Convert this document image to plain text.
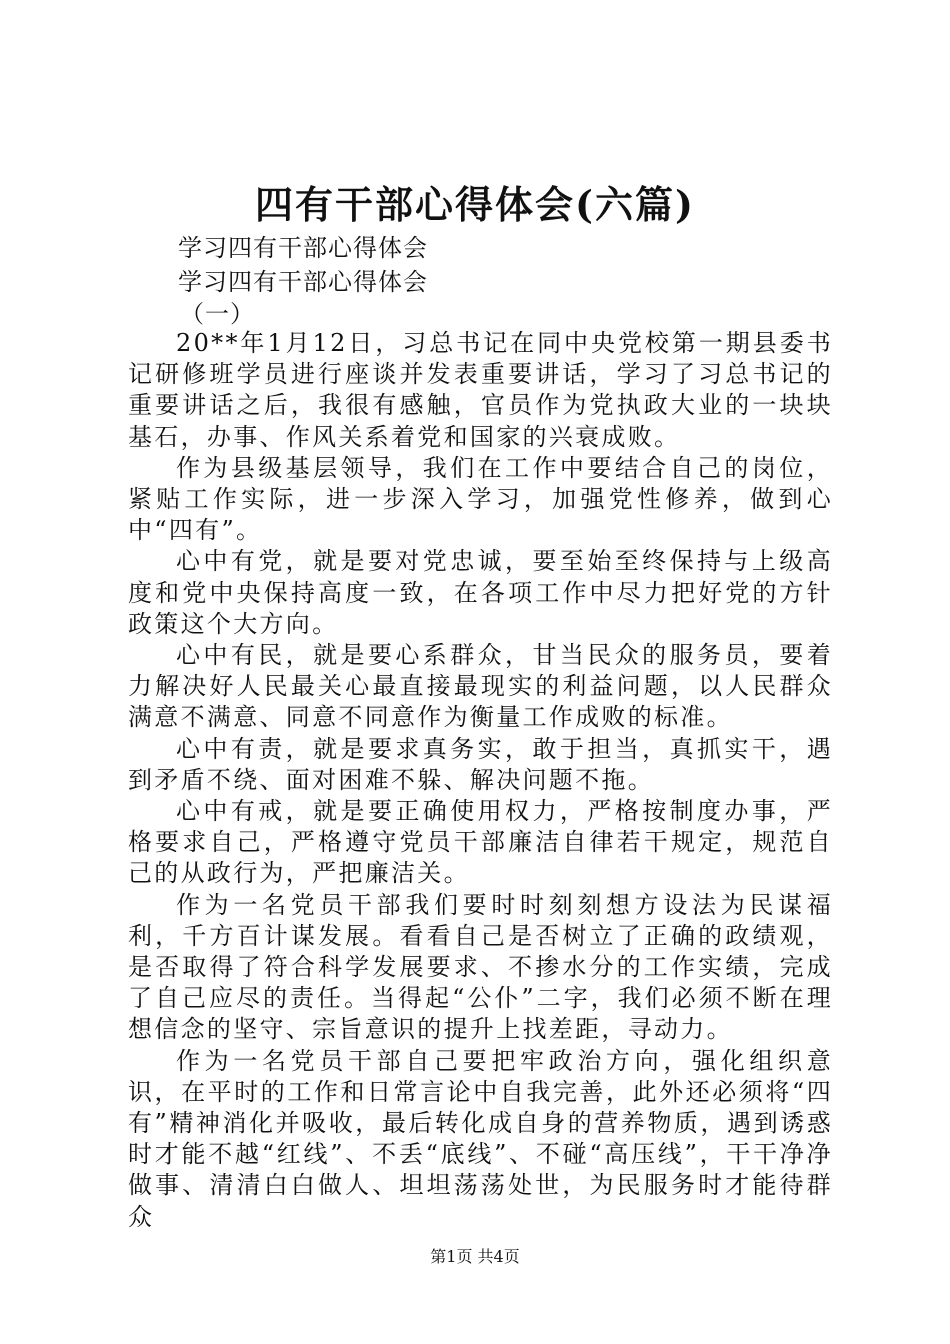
四有干部心得体会(六篇)

学习四有干部心得体会

学习四有干部心得体会

（一）

20**年1月12日，习总书记在同中央党校第一期县委书记研修班学员进行座谈并发表重要讲话，学习了习总书记的重要讲话之后，我很有感触，官员作为党执政大业的一块块基石，办事、作风关系着党和国家的兴衰成败。

作为县级基层领导，我们在工作中要结合自己的岗位，紧贴工作实际，进一步深入学习，加强党性修养，做到心中“四有”。

心中有党，就是要对党忠诚，要至始至终保持与上级高度和党中央保持高度一致，在各项工作中尽力把好党的方针政策这个大方向。

心中有民，就是要心系群众，甘当民众的服务员，要着力解决好人民最关心最直接最现实的利益问题，以人民群众满意不满意、同意不同意作为衡量工作成败的标准。

心中有责，就是要求真务实，敢于担当，真抓实干，遇到矛盾不绕、面对困难不躲、解决问题不拖。

心中有戒，就是要正确使用权力，严格按制度办事，严格要求自己，严格遵守党员干部廉洁自律若干规定，规范自己的从政行为，严把廉洁关。

作为一名党员干部我们要时时刻刻想方设法为民谋福利，千方百计谋发展。看看自己是否树立了正确的政绩观，是否取得了符合科学发展要求、不掺水分的工作实绩，完成了自己应尽的责任。当得起“公仆”二字，我们必须不断在理想信念的坚守、宗旨意识的提升上找差距，寻动力。

作为一名党员干部自己要把牢政治方向，强化组织意识，在平时的工作和日常言论中自我完善，此外还必须将“四有”精神消化并吸收，最后转化成自身的营养物质，遇到诱惑时才能不越“红线”、不丢“底线”、不碰“高压线”，干干净净做事、清清白白做人、坦坦荡荡处世，为民服务时才能待群众

第1页 共4页
